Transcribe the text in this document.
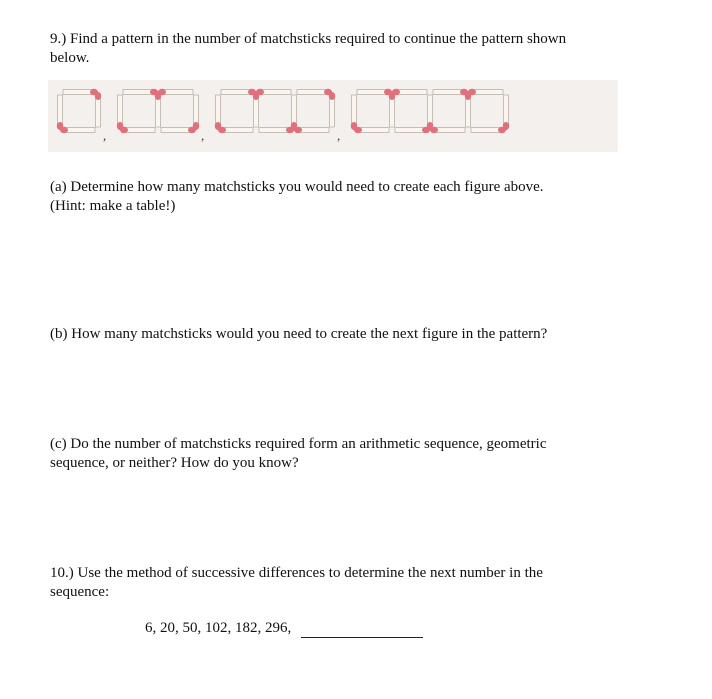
9.) Find a pattern in the number of matchsticks required to continue the pattern shown
below.
,	,	,
(a) Determine how many matchsticks you would need to create each figure above.
(Hint: make a table!)
(b) How many matchsticks would you need to create the next figure in the pattern?
(c) Do the number of matchsticks required form an arithmetic sequence, geometric
sequence, or neither? How do you know?
10.) Use the method of successive differences to determine the next number in the
sequence:
6, 20, 50, 102, 182, 296,
